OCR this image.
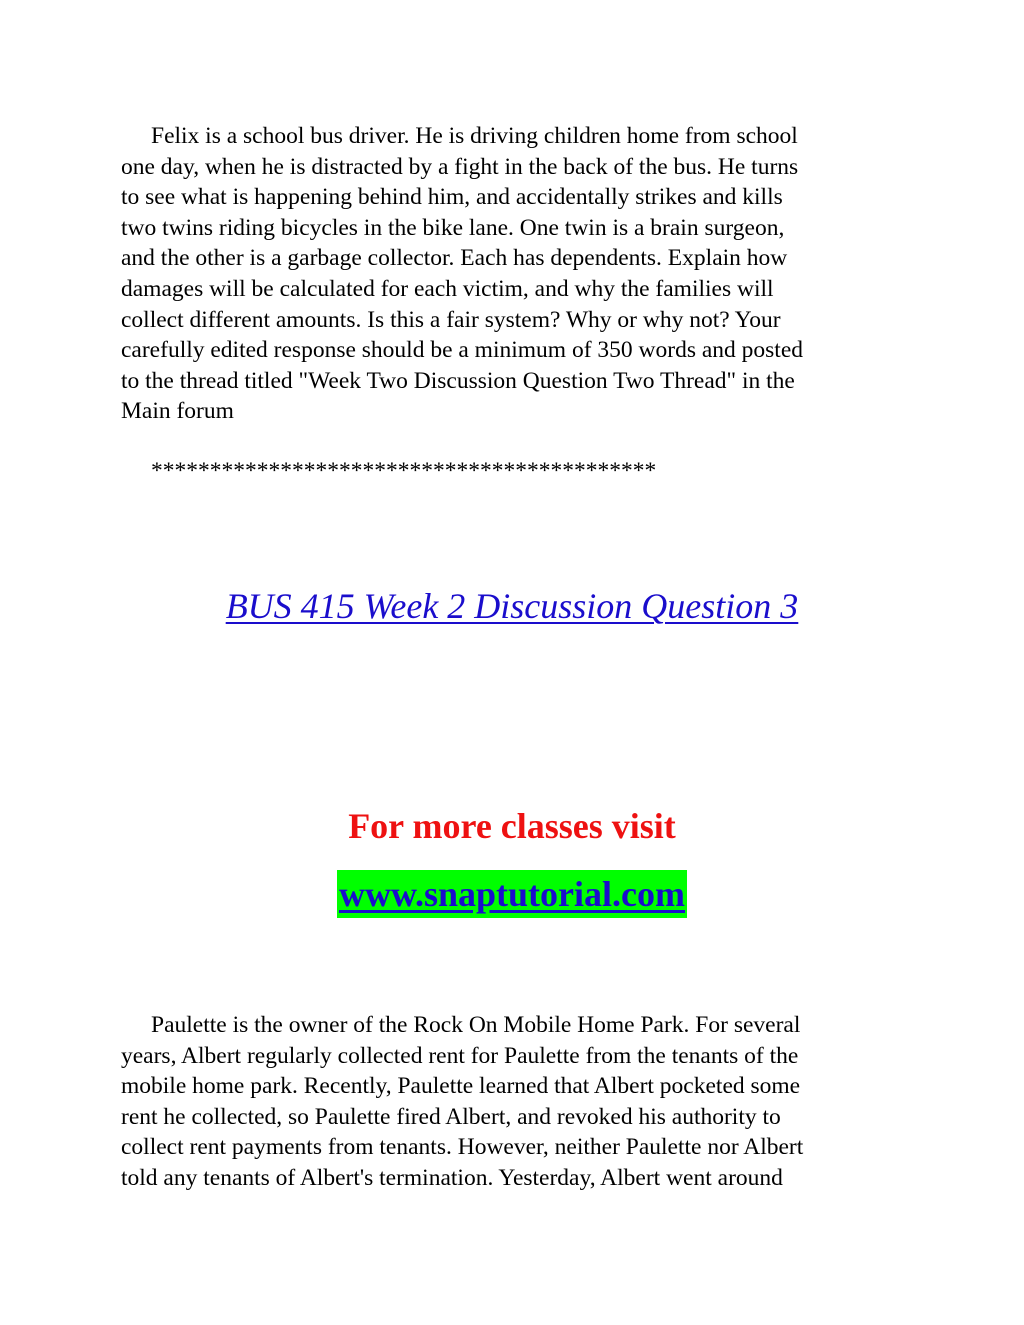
Felix is a school bus driver. He is driving children home from school
one day, when he is distracted by a fight in the back of the bus. He turns
to see what is happening behind him, and accidentally strikes and kills
two twins riding bicycles in the bike lane. One twin is a brain surgeon,
and the other is a garbage collector. Each has dependents. Explain how
damages will be calculated for each victim, and why the families will
collect different amounts. Is this a fair system? Why or why not? Your
carefully edited response should be a minimum of 350 words and posted
to the thread titled "Week Two Discussion Question Two Thread" in the
Main forum

*******************************************

BUS 415 Week 2 Discussion Question 3

For more classes visit

www.snaptutorial.com

Paulette is the owner of the Rock On Mobile Home Park. For several
years, Albert regularly collected rent for Paulette from the tenants of the
mobile home park. Recently, Paulette learned that Albert pocketed some
rent he collected, so Paulette fired Albert, and revoked his authority to
collect rent payments from tenants. However, neither Paulette nor Albert
told any tenants of Albert's termination. Yesterday, Albert went around
